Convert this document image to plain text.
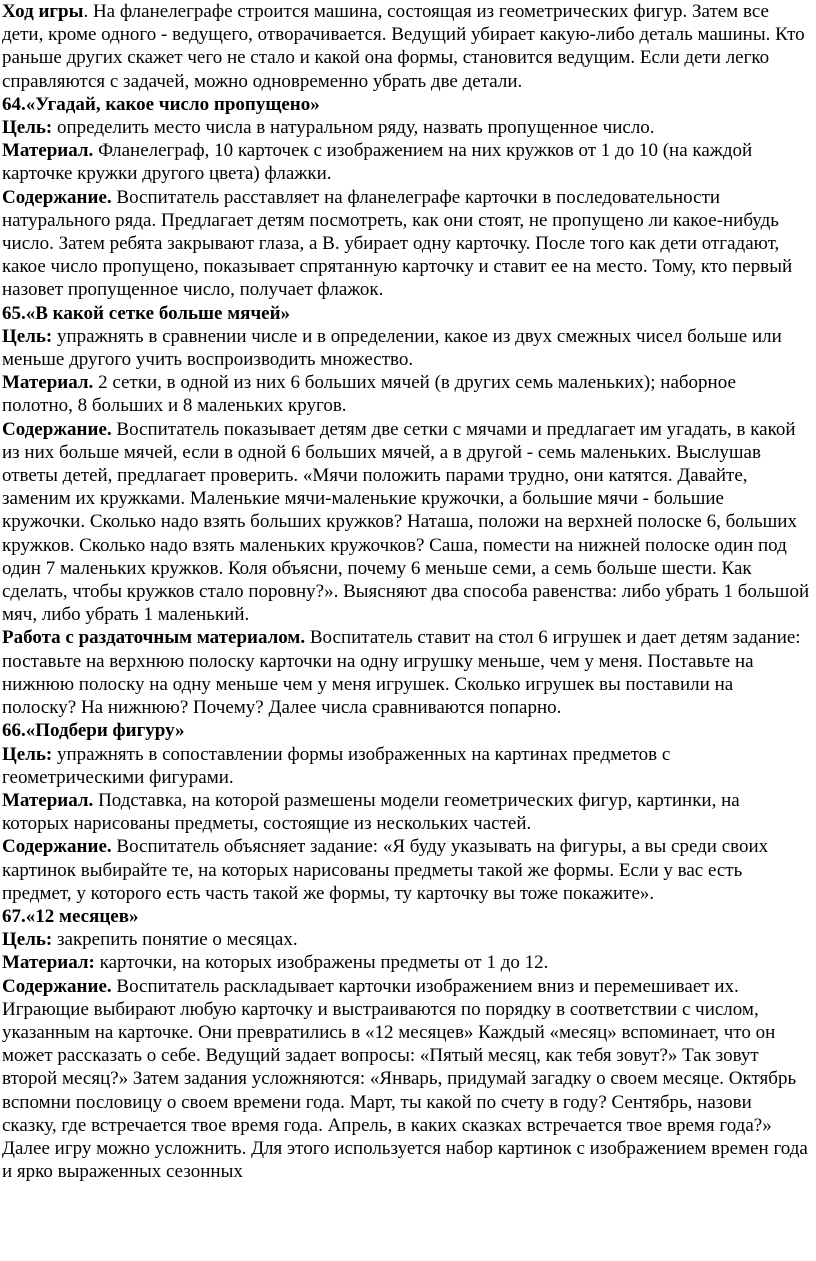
Ход игры. На фланелеграфе строится машина, состоящая из геометрических фигур. Затем все дети, кроме одного - ведущего, отворачивается. Ведущий убирает какую-либо деталь машины. Кто раньше других скажет чего не стало и какой она формы, становится ведущим. Если дети легко справляются с задачей, можно одновременно убрать две детали.

64.«Угадай, какое число пропущено»

Цель: определить место числа в натуральном ряду, назвать пропущенное число.

Материал. Фланелеграф, 10 карточек с изображением на них кружков от 1 до 10 (на каждой карточке кружки другого цвета) флажки.

Содержание. Воспитатель расставляет на фланелеграфе карточки в последовательности натурального ряда. Предлагает детям посмотреть, как они стоят, не пропущено ли какое-нибудь число. Затем ребята закрывают глаза, а В. убирает одну карточку. После того как дети отгадают, какое число пропущено, показывает спрятанную карточку и ставит ее на место. Тому, кто первый назовет пропущенное число, получает флажок.

65.«В какой сетке больше мячей»

Цель: упражнять в сравнении числе и в определении, какое из двух смежных чисел больше или меньше другого учить воспроизводить множество.

Материал. 2 сетки, в одной из них 6 больших мячей (в других семь маленьких); наборное полотно, 8 больших и 8 маленьких кругов.

Содержание. Воспитатель показывает детям две сетки с мячами и предлагает им угадать, в какой из них больше мячей, если в одной 6 больших мячей, а в другой - семь маленьких. Выслушав ответы детей, предлагает проверить. «Мячи положить парами трудно, они катятся. Давайте, заменим их кружками. Маленькие мячи-маленькие кружочки, а большие мячи - большие кружочки. Сколько надо взять больших кружков? Наташа, положи на верхней полоске 6, больших кружков. Сколько надо взять маленьких кружочков? Саша, помести на нижней полоске один под один 7 маленьких кружков. Коля объясни, почему 6 меньше семи, а семь больше шести. Как сделать, чтобы кружков стало поровну?». Выясняют два способа равенства: либо убрать 1 большой мяч, либо убрать 1 маленький.

Работа с раздаточным материалом. Воспитатель ставит на стол 6 игрушек и дает детям задание: поставьте на верхнюю полоску карточки на одну игрушку меньше, чем у меня. Поставьте на нижнюю полоску на одну меньше чем у меня игрушек. Сколько игрушек вы поставили на полоску? На нижнюю? Почему? Далее числа сравниваются попарно.

66.«Подбери фигуру»

Цель: упражнять в сопоставлении формы изображенных на картинах предметов с геометрическими фигурами.

Материал. Подставка, на которой размешены модели геометрических фигур, картинки, на которых нарисованы предметы, состоящие из нескольких частей.

Содержание. Воспитатель объясняет задание: «Я буду указывать на фигуры, а вы среди своих картинок выбирайте те, на которых нарисованы предметы такой же формы. Если у вас есть предмет, у которого есть часть такой же формы, ту карточку вы тоже покажите».

67.«12 месяцев»

Цель: закрепить понятие о месяцах.

Материал: карточки, на которых изображены предметы от 1 до 12.

Содержание. Воспитатель раскладывает карточки изображением вниз и перемешивает их. Играющие выбирают любую карточку и выстраиваются по порядку в соответствии с числом, указанным на карточке. Они превратились в «12 месяцев» Каждый «месяц» вспоминает, что он может рассказать о себе. Ведущий задает вопросы: «Пятый месяц, как тебя зовут?» Так зовут второй месяц?» Затем задания усложняются: «Январь, придумай загадку о своем месяце. Октябрь вспомни пословицу о своем времени года. Март, ты какой по счету в году? Сентябрь, назови сказку, где встречается твое время года. Апрель, в каких сказках встречается твое время года?» Далее игру можно усложнить. Для этого используется набор картинок с изображением времен года и ярко выраженных сезонных
